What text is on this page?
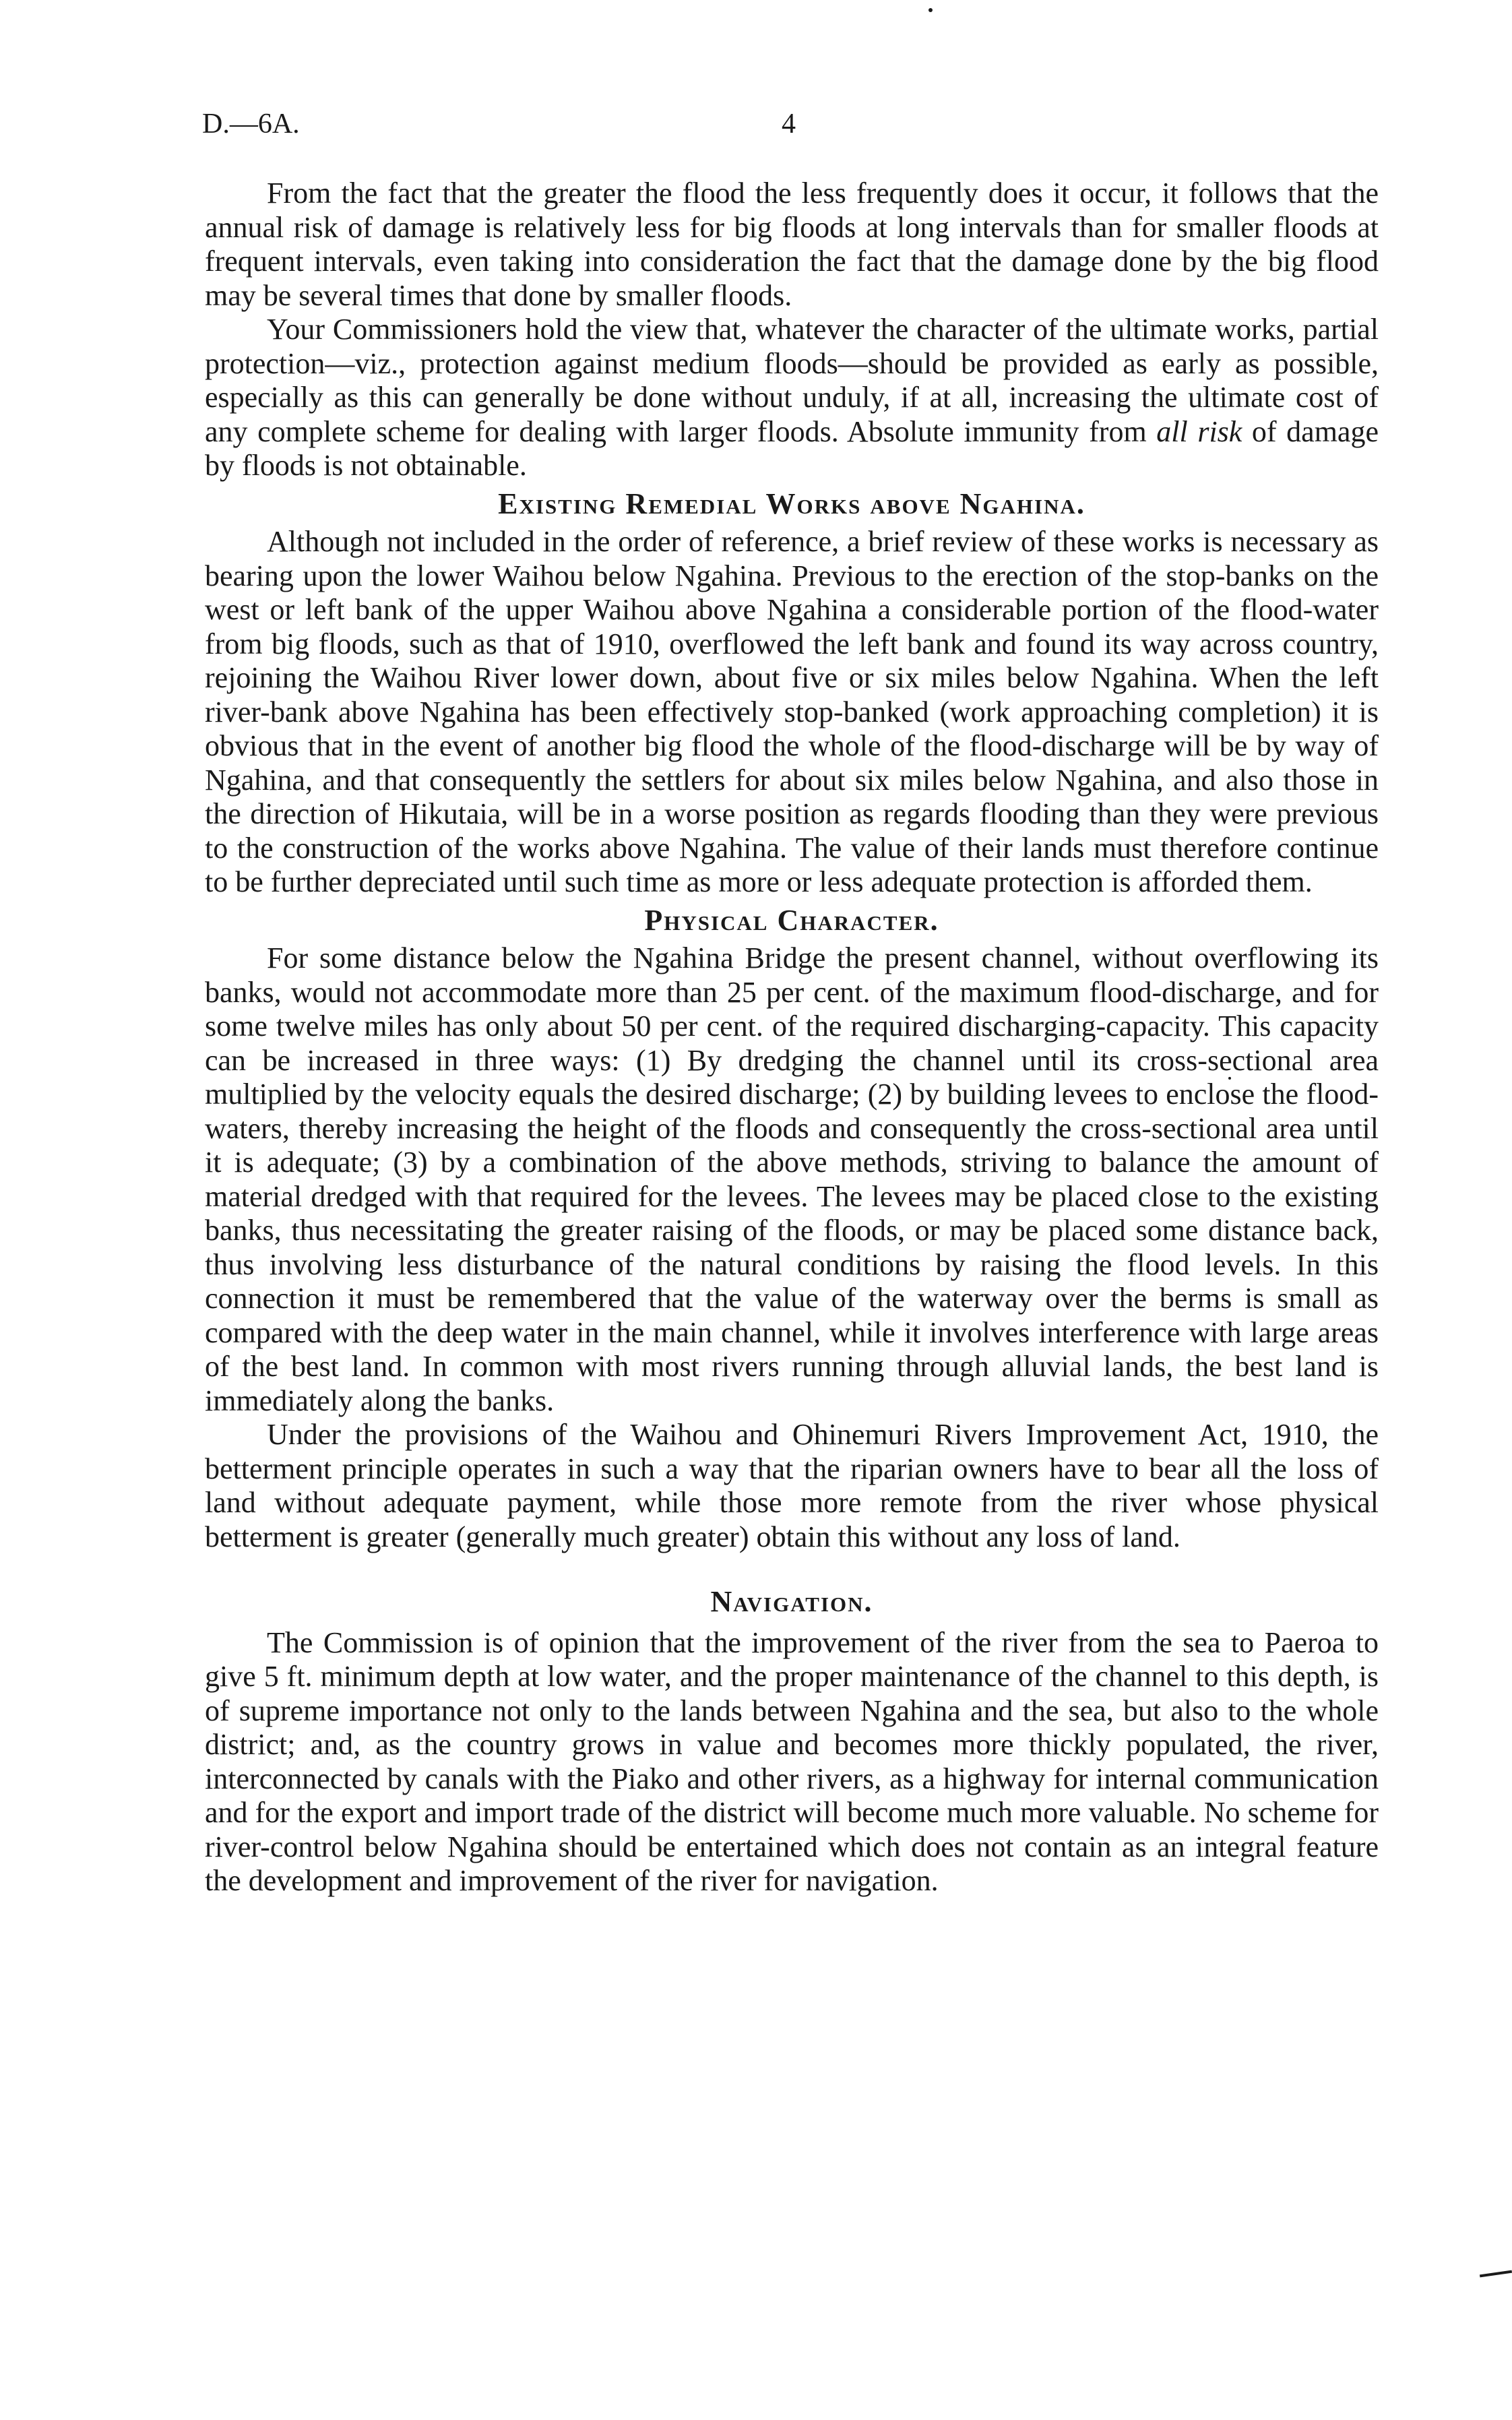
D.—6A.	4

From the fact that the greater the flood the less frequently does it occur, it follows that the annual risk of damage is relatively less for big floods at long intervals than for smaller floods at frequent intervals, even taking into consideration the fact that the damage done by the big flood may be several times that done by smaller floods.

Your Commissioners hold the view that, whatever the character of the ultimate works, partial protection—viz., protection against medium floods—should be provided as early as possible, especially as this can generally be done without unduly, if at all, increasing the ultimate cost of any complete scheme for dealing with larger floods. Absolute immunity from all risk of damage by floods is not obtainable.

Existing Remedial Works above Ngahina.

Although not included in the order of reference, a brief review of these works is necessary as bearing upon the lower Waihou below Ngahina. Previous to the erection of the stop-banks on the west or left bank of the upper Waihou above Ngahina a considerable portion of the flood-water from big floods, such as that of 1910, overflowed the left bank and found its way across country, rejoining the Waihou River lower down, about five or six miles below Ngahina. When the left river-bank above Ngahina has been effectively stop-banked (work approaching completion) it is obvious that in the event of another big flood the whole of the flood-discharge will be by way of Ngahina, and that consequently the settlers for about six miles below Ngahina, and also those in the direction of Hikutaia, will be in a worse position as regards flooding than they were previous to the construction of the works above Ngahina. The value of their lands must therefore continue to be further depreciated until such time as more or less adequate protection is afforded them.

Physical Character.

For some distance below the Ngahina Bridge the present channel, without overflowing its banks, would not accommodate more than 25 per cent. of the maximum flood-discharge, and for some twelve miles has only about 50 per cent. of the required discharging-capacity. This capacity can be increased in three ways: (1) By dredging the channel until its cross-sectional area multiplied by the velocity equals the desired discharge; (2) by building levees to enclose the flood-waters, thereby increasing the height of the floods and consequently the cross-sectional area until it is adequate; (3) by a combination of the above methods, striving to balance the amount of material dredged with that required for the levees. The levees may be placed close to the existing banks, thus necessitating the greater raising of the floods, or may be placed some distance back, thus involving less disturbance of the natural conditions by raising the flood levels. In this connection it must be remembered that the value of the waterway over the berms is small as compared with the deep water in the main channel, while it involves interference with large areas of the best land. In common with most rivers running through alluvial lands, the best land is immediately along the banks.

Under the provisions of the Waihou and Ohinemuri Rivers Improvement Act, 1910, the betterment principle operates in such a way that the riparian owners have to bear all the loss of land without adequate payment, while those more remote from the river whose physical betterment is greater (generally much greater) obtain this without any loss of land.

Navigation.

The Commission is of opinion that the improvement of the river from the sea to Paeroa to give 5 ft. minimum depth at low water, and the proper maintenance of the channel to this depth, is of supreme importance not only to the lands between Ngahina and the sea, but also to the whole district; and, as the country grows in value and becomes more thickly populated, the river, interconnected by canals with the Piako and other rivers, as a highway for internal communication and for the export and import trade of the district will become much more valuable. No scheme for river-control below Ngahina should be entertained which does not contain as an integral feature the development and improvement of the river for navigation.
